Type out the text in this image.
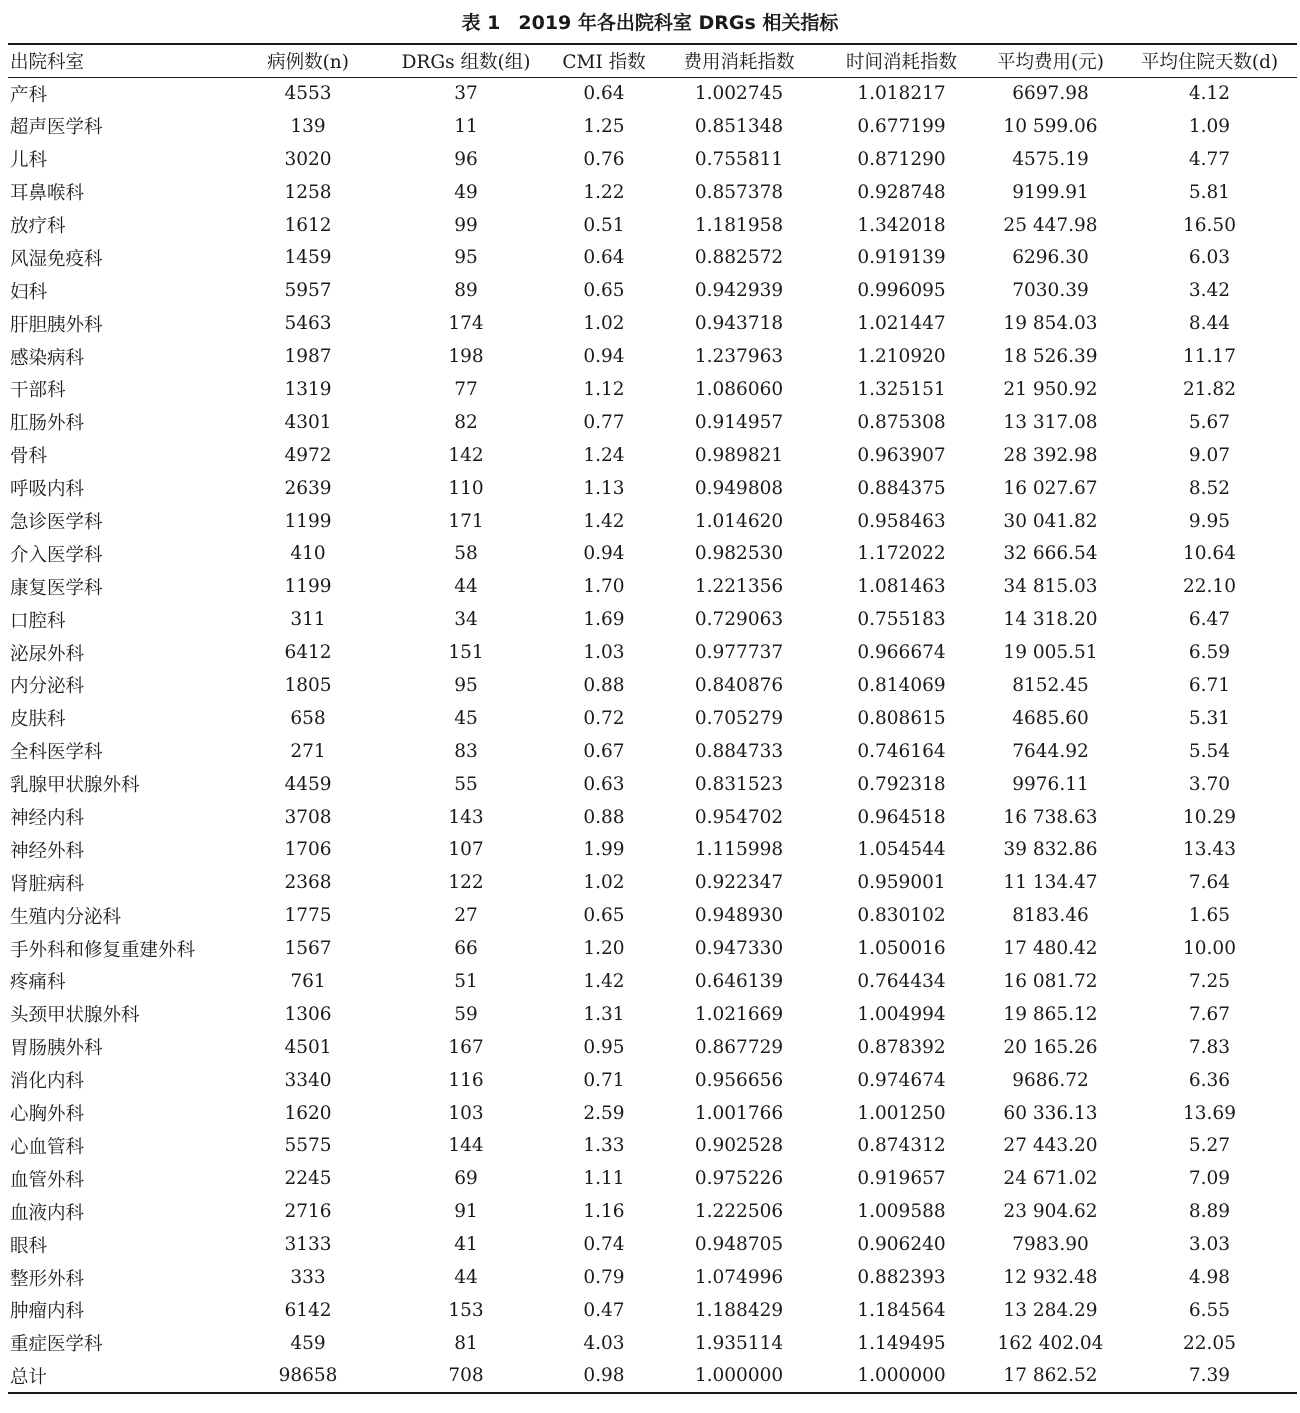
表 1 2019 年各出院科室 DRGs 相关指标
出院科室	病例数(n)	DRGs 组数(组)	CMI 指数	费用消耗指数	时间消耗指数	平均费用(元)	平均住院天数(d)
产科	4553	37	0.64	1.002745	1.018217	6697.98	4.12
超声医学科	139	11	1.25	0.851348	0.677199	10 599.06	1.09
儿科	3020	96	0.76	0.755811	0.871290	4575.19	4.77
耳鼻喉科	1258	49	1.22	0.857378	0.928748	9199.91	5.81
放疗科	1612	99	0.51	1.181958	1.342018	25 447.98	16.50
风湿免疫科	1459	95	0.64	0.882572	0.919139	6296.30	6.03
妇科	5957	89	0.65	0.942939	0.996095	7030.39	3.42
肝胆胰外科	5463	174	1.02	0.943718	1.021447	19 854.03	8.44
感染病科	1987	198	0.94	1.237963	1.210920	18 526.39	11.17
干部科	1319	77	1.12	1.086060	1.325151	21 950.92	21.82
肛肠外科	4301	82	0.77	0.914957	0.875308	13 317.08	5.67
骨科	4972	142	1.24	0.989821	0.963907	28 392.98	9.07
呼吸内科	2639	110	1.13	0.949808	0.884375	16 027.67	8.52
急诊医学科	1199	171	1.42	1.014620	0.958463	30 041.82	9.95
介入医学科	410	58	0.94	0.982530	1.172022	32 666.54	10.64
康复医学科	1199	44	1.70	1.221356	1.081463	34 815.03	22.10
口腔科	311	34	1.69	0.729063	0.755183	14 318.20	6.47
泌尿外科	6412	151	1.03	0.977737	0.966674	19 005.51	6.59
内分泌科	1805	95	0.88	0.840876	0.814069	8152.45	6.71
皮肤科	658	45	0.72	0.705279	0.808615	4685.60	5.31
全科医学科	271	83	0.67	0.884733	0.746164	7644.92	5.54
乳腺甲状腺外科	4459	55	0.63	0.831523	0.792318	9976.11	3.70
神经内科	3708	143	0.88	0.954702	0.964518	16 738.63	10.29
神经外科	1706	107	1.99	1.115998	1.054544	39 832.86	13.43
肾脏病科	2368	122	1.02	0.922347	0.959001	11 134.47	7.64
生殖内分泌科	1775	27	0.65	0.948930	0.830102	8183.46	1.65
手外科和修复重建外科	1567	66	1.20	0.947330	1.050016	17 480.42	10.00
疼痛科	761	51	1.42	0.646139	0.764434	16 081.72	7.25
头颈甲状腺外科	1306	59	1.31	1.021669	1.004994	19 865.12	7.67
胃肠胰外科	4501	167	0.95	0.867729	0.878392	20 165.26	7.83
消化内科	3340	116	0.71	0.956656	0.974674	9686.72	6.36
心胸外科	1620	103	2.59	1.001766	1.001250	60 336.13	13.69
心血管科	5575	144	1.33	0.902528	0.874312	27 443.20	5.27
血管外科	2245	69	1.11	0.975226	0.919657	24 671.02	7.09
血液内科	2716	91	1.16	1.222506	1.009588	23 904.62	8.89
眼科	3133	41	0.74	0.948705	0.906240	7983.90	3.03
整形外科	333	44	0.79	1.074996	0.882393	12 932.48	4.98
肿瘤内科	6142	153	0.47	1.188429	1.184564	13 284.29	6.55
重症医学科	459	81	4.03	1.935114	1.149495	162 402.04	22.05
总计	98658	708	0.98	1.000000	1.000000	17 862.52	7.39
